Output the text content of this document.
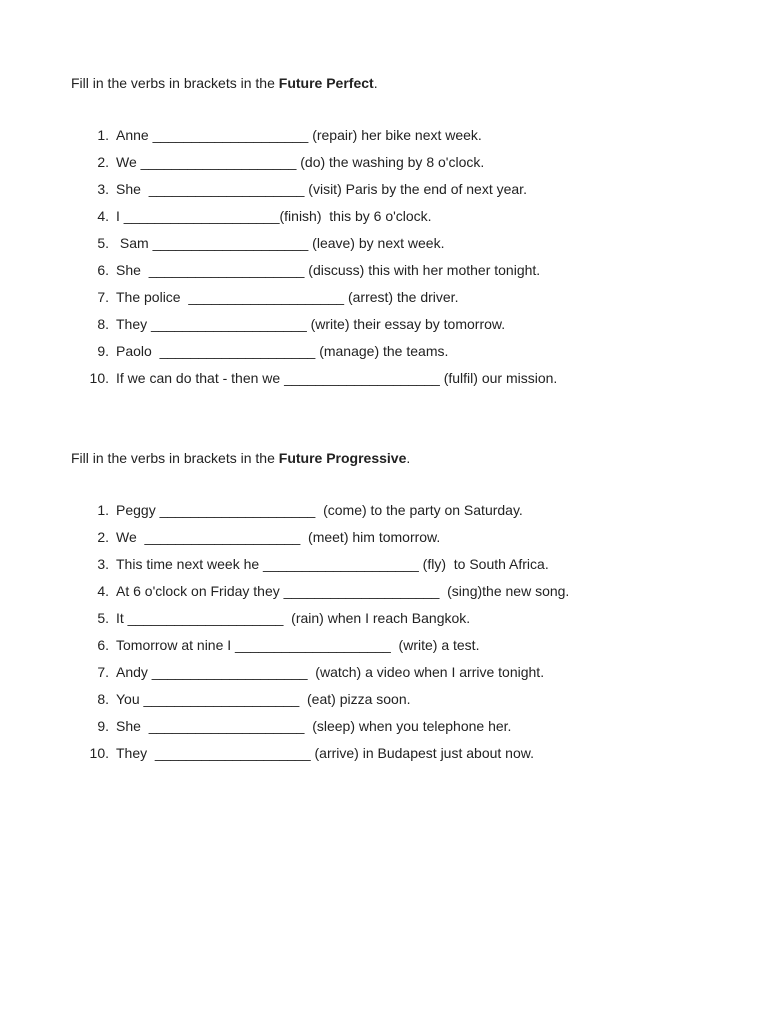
Fill in the verbs in brackets in the Future Perfect.

1. Anne ____________________ (repair) her bike next week.
2. We ____________________ (do) the washing by 8 o'clock.
3. She  ____________________ (visit) Paris by the end of next year.
4. I ____________________(finish)  this by 6 o'clock.
5. Sam ____________________ (leave) by next week.
6. She  ____________________ (discuss) this with her mother tonight.
7. The police  ____________________ (arrest) the driver.
8. They ____________________ (write) their essay by tomorrow.
9. Paolo  ____________________ (manage) the teams.
10. If we can do that - then we ____________________ (fulfil) our mission.

Fill in the verbs in brackets in the Future Progressive.

1. Peggy ____________________  (come) to the party on Saturday.
2. We  ____________________  (meet) him tomorrow.
3. This time next week he ____________________ (fly)  to South Africa.
4. At 6 o'clock on Friday they ____________________  (sing)the new song.
5. It ____________________  (rain) when I reach Bangkok.
6. Tomorrow at nine I ____________________  (write) a test.
7. Andy ____________________  (watch) a video when I arrive tonight.
8. You ____________________  (eat) pizza soon.
9. She  ____________________  (sleep) when you telephone her.
10. They  ____________________ (arrive) in Budapest just about now.
